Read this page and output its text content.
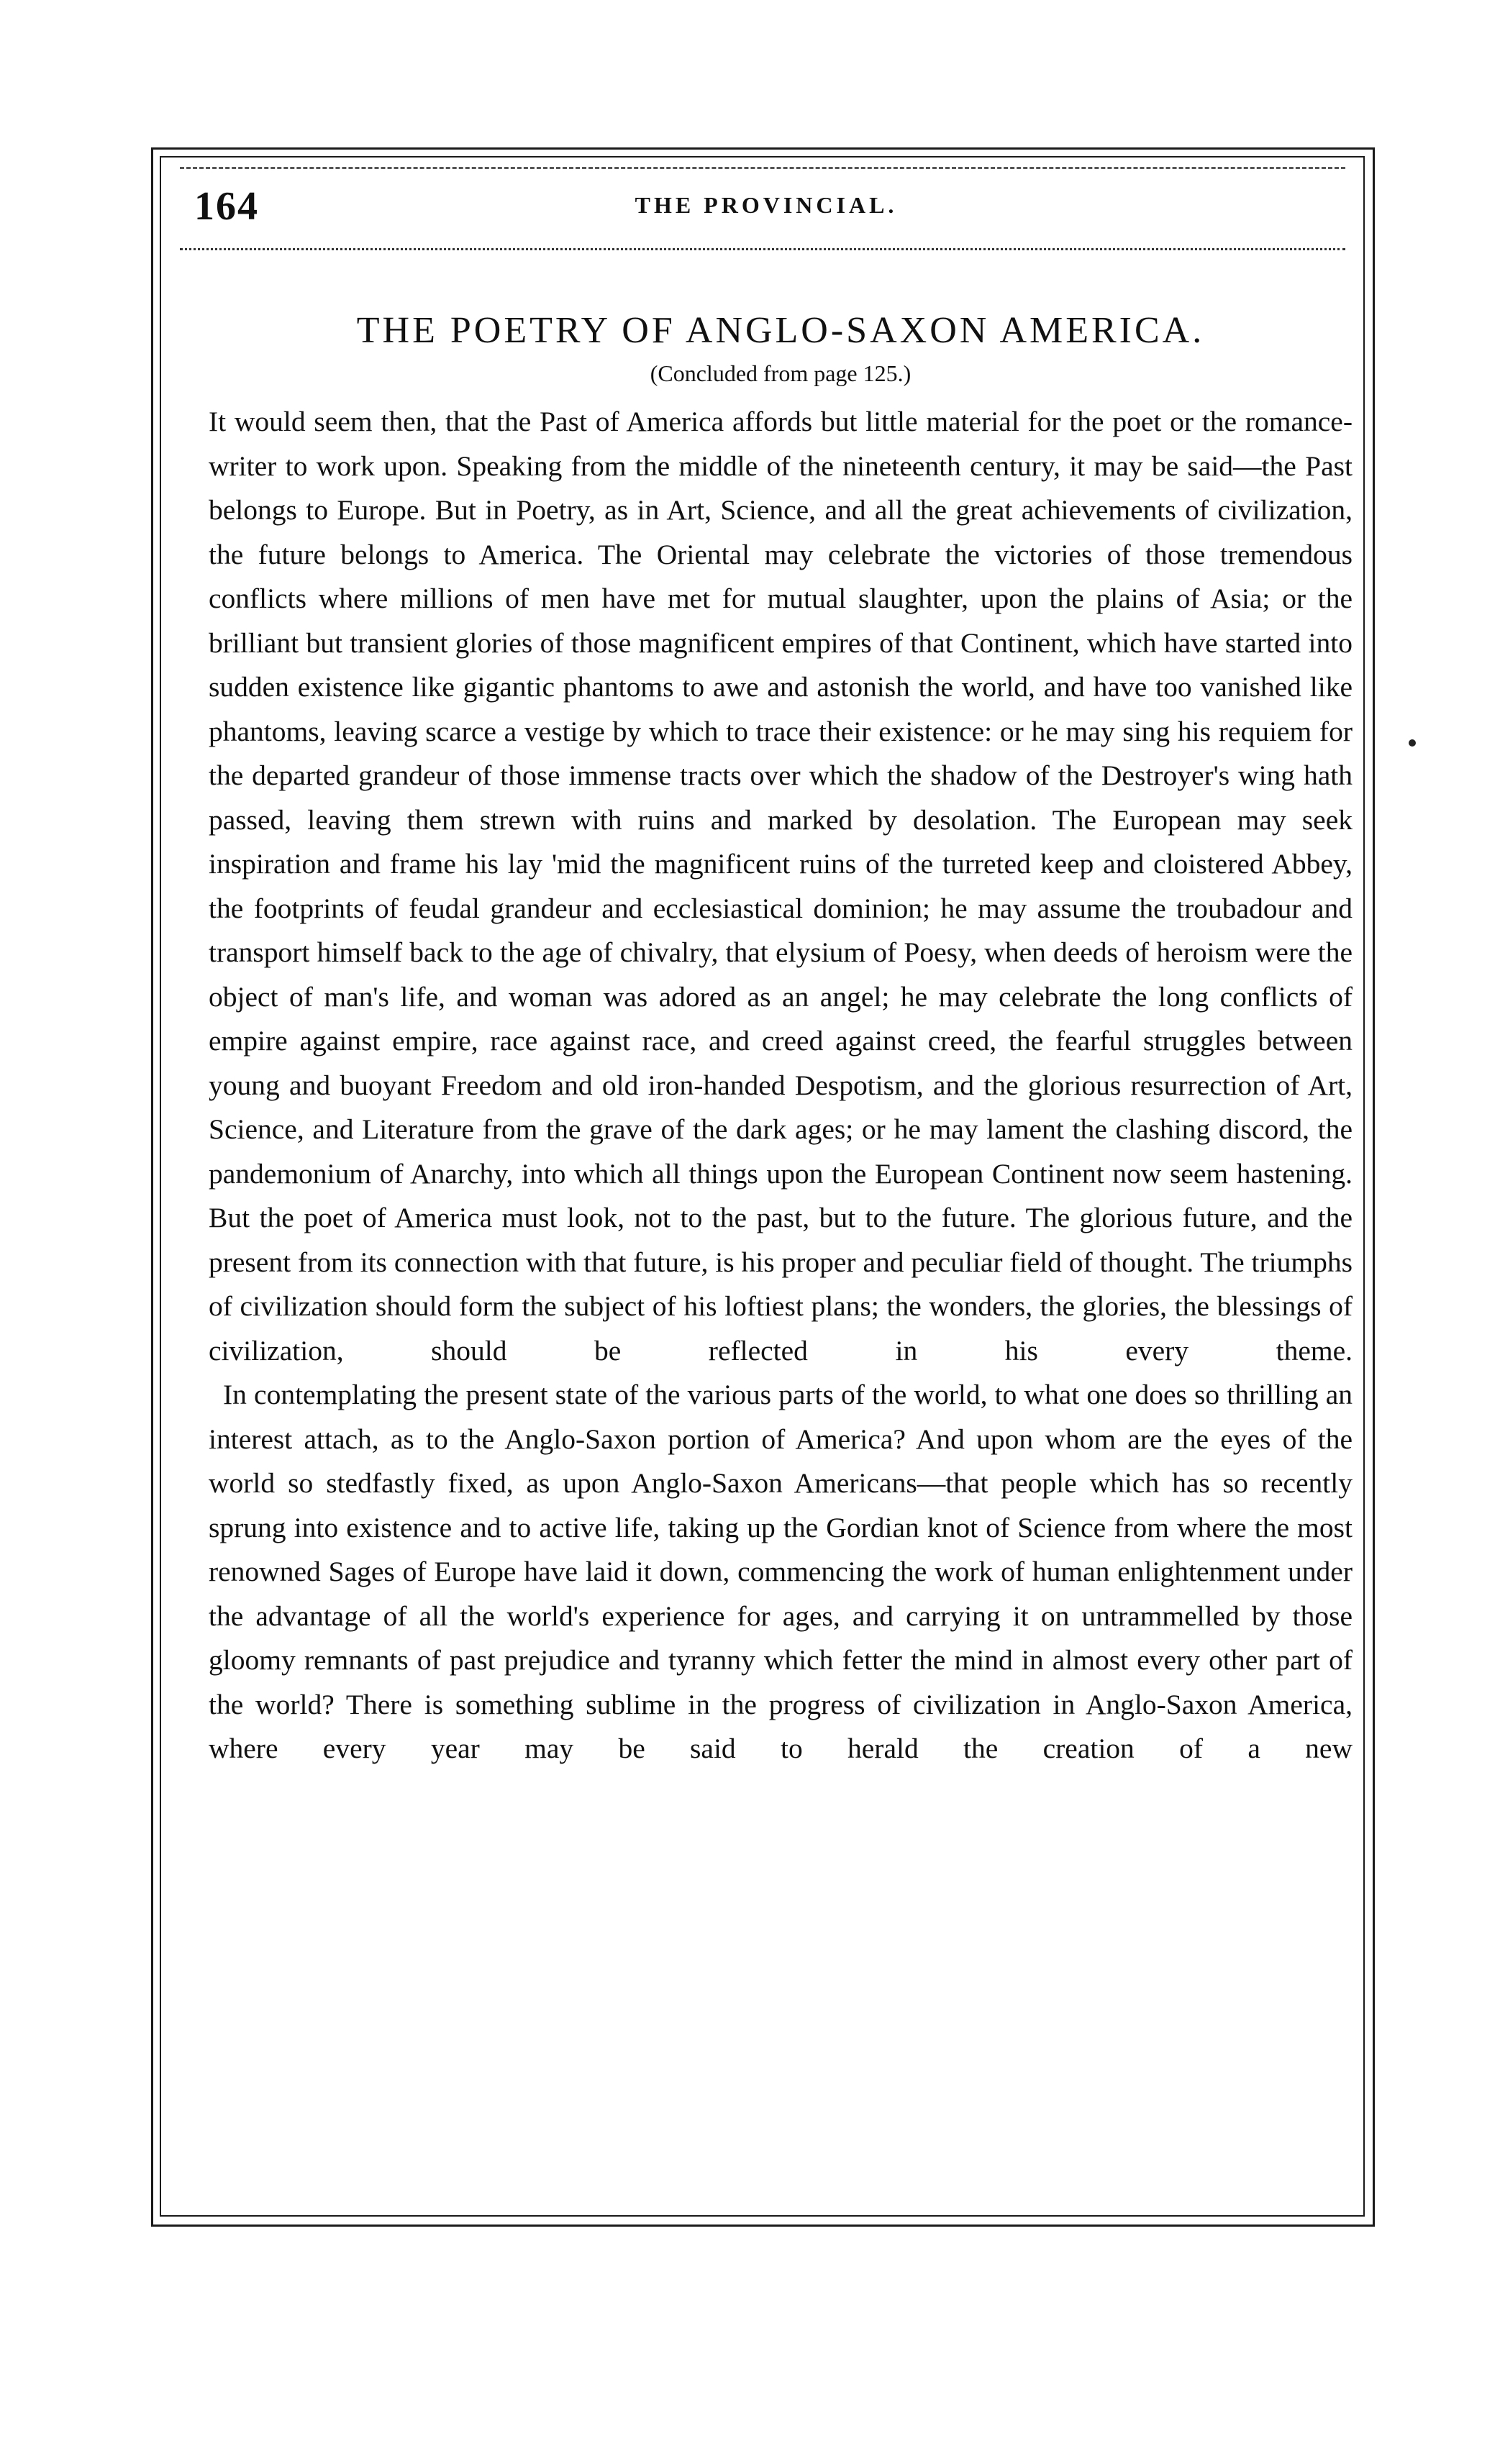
164	THE PROVINCIAL.
THE POETRY OF ANGLO-SAXON AMERICA.
(Concluded from page 125.)

It would seem then, that the Past of America affords but little material for the poet or the romance-writer to work upon. Speaking from the middle of the nineteenth century, it may be said—the Past belongs to Europe. But in Poetry, as in Art, Science, and all the great achievements of civilization, the future belongs to America. The Oriental may celebrate the victories of those tremendous conflicts where millions of men have met for mutual slaughter, upon the plains of Asia; or the brilliant but transient glories of those magnificent empires of that Continent, which have started into sudden existence like gigantic phantoms to awe and astonish the world, and have too vanished like phantoms, leaving scarce a vestige by which to trace their existence: or he may sing his requiem for the departed grandeur of those immense tracts over which the shadow of the Destroyer's wing hath passed, leaving them strewn with ruins and marked by desolation. The European may seek inspiration and frame his lay 'mid the magnificent ruins of the turreted keep and cloistered Abbey, the footprints of feudal grandeur and ecclesiastical dominion; he may assume the troubadour and transport himself back to the age of chivalry, that elysium of Poesy, when deeds of heroism were the object of man's life, and woman was adored as an angel; he may celebrate the long conflicts of empire against empire, race against race, and creed against creed, the fearful struggles between young and buoyant Freedom and old iron-handed Despotism, and the glorious resurrection of Art, Science, and Literature from the grave of the dark ages; or he may lament the clashing discord, the pandemonium of Anarchy, into which all things upon the European Continent now seem hastening. But the poet of America must look, not to the past, but to the future. The glorious future, and the present from its connection with that future, is his proper and peculiar field of thought. The triumphs of civilization should form the subject of his loftiest plans; the wonders, the glories, the blessings of civilization, should be reflected in his every theme.

In contemplating the present state of the various parts of the world, to what one does so thrilling an interest attach, as to the Anglo-Saxon portion of America? And upon whom are the eyes of the world so stedfastly fixed, as upon Anglo-Saxon Americans—that people which has so recently sprung into existence and to active life, taking up the Gordian knot of Science from where the most renowned Sages of Europe have laid it down, commencing the work of human enlightenment under the advantage of all the world's experience for ages, and carrying it on untrammelled by those gloomy remnants of past prejudice and tyranny which fetter the mind in almost every other part of the world? There is something sublime in the progress of civilization in Anglo-Saxon America, where every year may be said to herald the creation of a new
